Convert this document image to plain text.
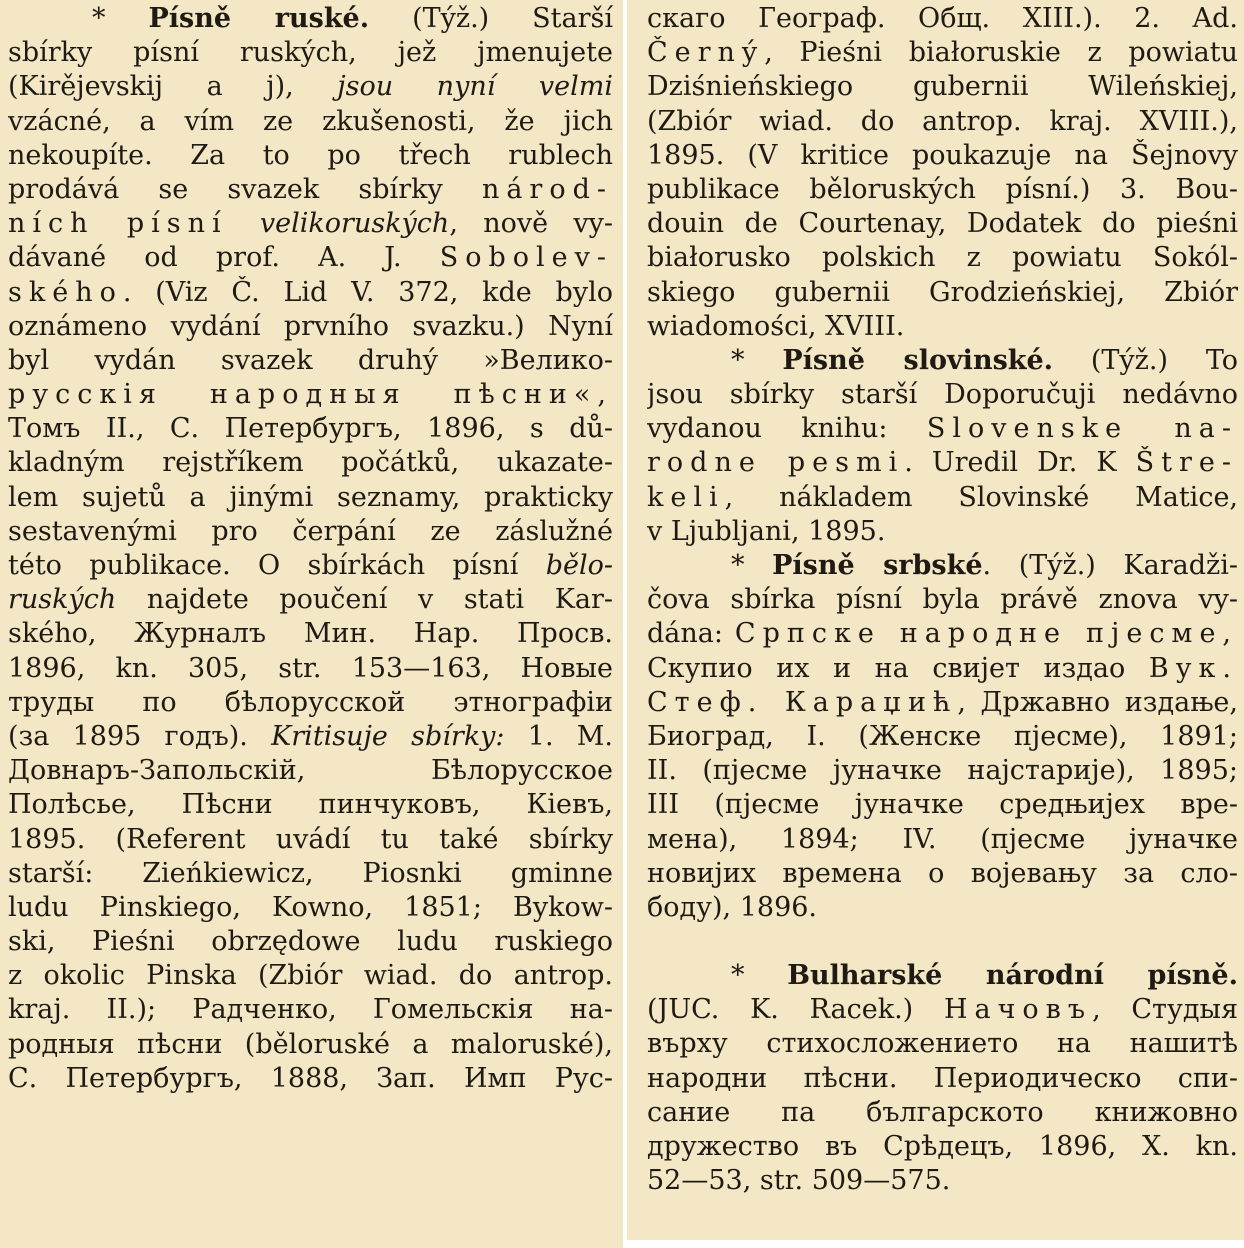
* Písně ruské. (Týž.) Starší
sbírky písní ruských, jež jmenujete
(Kirějevskij a j), jsou nyní velmi
vzácné, a vím ze zkušenosti, že jich
nekoupíte. Za to po třech rublech
prodává se svazek sbírky národ-
ních písní velikoruských, nově vy-
dávané od prof. A. J. Sobolev-
ského. (Viz Č. Lid V. 372, kde bylo
oznámeno vydání prvního svazku.) Nyní
byl vydán svazek druhý »Велико-
русскія народныя пѣсни«,
Томъ II., С. Петербургъ, 1896, s dů-
kladným rejstříkem počátků, ukazate-
lem sujetů a jinými seznamy, prakticky
sestavenými pro čerpání ze záslužné
této publikace. O sbírkách písní bělo-
ruských najdete poučení v stati Kar-
ského, Журналъ Мин. Нар. Просв.
1896, kn. 305, str. 153—163, Новые
труды по бѣлорусской этнографіи
(за 1895 годъ). Kritisuje sbírky: 1. M.
Довнаръ-Запольскій, Бѣлорусское
Полѣсье, Пѣсни пинчуковъ, Кіевъ,
1895. (Referent uvádí tu také sbírky
starší: Zieńkiewicz, Piosnki gminne
ludu Pinskiego, Kowno, 1851; Bykow-
ski, Pieśni obrzędowe ludu ruskiego
z okolic Pinska (Zbiór wiad. do antrop.
kraj. II.); Радченко, Гомельскія на-
родныя пѣсни (běloruské a maloruské),
С. Петербургъ, 1888, Зап. Имп Рус-
скаго Географ. Общ. XIII.). 2. Ad.
Černý, Pieśni białoruskie z powiatu
Dziśnieńskiego gubernii Wileńskiej,
(Zbiór wiad. do antrop. kraj. XVIII.),
1895. (V kritice poukazuje na Šejnovy
publikace běloruských písní.) 3. Bou-
douin de Courtenay, Dodatek do pieśni
białorusko polskich z powiatu Sokól-
skiego gubernii Grodzieńskiej, Zbiór
wiadomości, XVIII.
* Písně slovinské. (Týž.) To
jsou sbírky starší Doporučuji nedávno
vydanou knihu: Slovenske na-
rodne pesmi. Uredil Dr. K Štre-
keli, nákladem Slovinské Matice,
v Ljubljani, 1895.
* Písně srbské. (Týž.) Karadži-
čova sbírka písní byla právě znova vy-
dána: Српске народне пјесме,
Скупио их и на свијет издао Вук.
Стеф. Караџић, Државно издање,
Биоград, I. (Женске пјесме), 1891;
II. (пјесме јуначке најстарије), 1895;
III (пјесме јуначке средњијех вре-
мена), 1894; IV. (пјесме јуначке
новијих времена о војевању за сло-
боду), 1896.
* Bulharské národní písně.
(JUC. K. Racek.) Начовъ, Студыя
върху стихосложението на нашитѣ
народни пѣсни. Периодическо спи-
сание па българското книжовно
дружество въ Срѣдецъ, 1896, X. kn.
52—53, str. 509—575.
